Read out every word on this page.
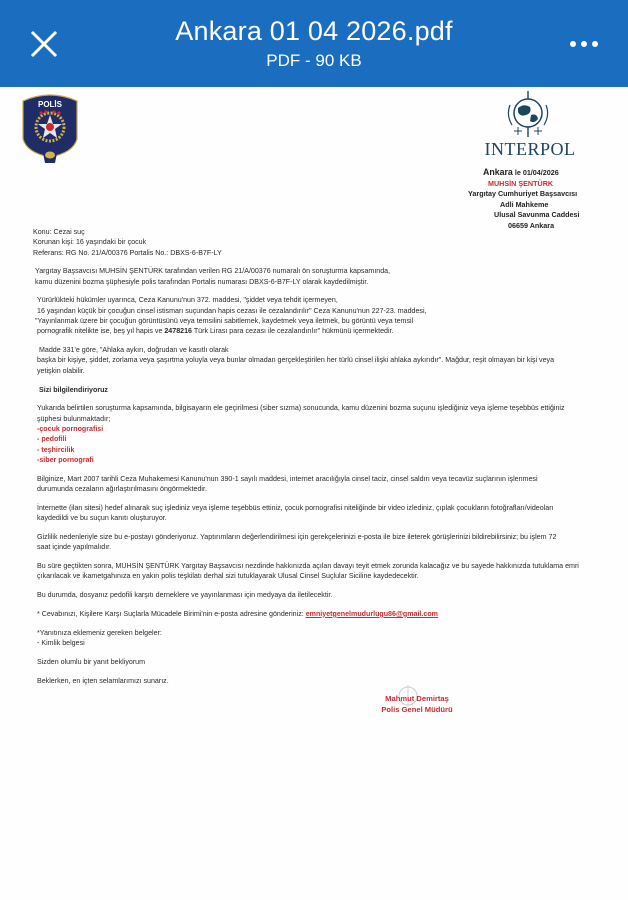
Ankara 01 04 2026.pdf
PDF - 90 KB
POLİS
INTERPOL
Ankara le 01/04/2026
MUHSİN ŞENTÜRK
Yargıtay Cumhuriyet Başsavcısı
Adli Mahkeme
Ulusal Savunma Caddesi
06659 Ankara

Konu: Cezai suç

Korunan kişi: 16 yaşındaki bir çocuk

Referans: RG No. 21/A/00376 Portalis No.: DBXS-6-B7F-LY

Yargıtay Başsavcısı MUHSİN ŞENTÜRK tarafından verilen RG 21/A/00376 numaralı ön soruşturma kapsamında,

kamu düzenini bozma şüphesiyle polis tarafından Portalis numarası DBXS-6-B7F-LY olarak kaydedilmiştir.

Yürürlükteki hükümler uyarınca, Ceza Kanunu'nun 372. maddesi, "şiddet veya tehdit içermeyen,

16 yaşından küçük bir çocuğun cinsel istismarı suçundan hapis cezası ile cezalandırılır" Ceza Kanunu'nun 227-23. maddesi,

"Yayınlanmak üzere bir çocuğun görüntüsünü veya temsilini sabitlemek, kaydetmek veya iletmek, bu görüntü veya temsil

pornografik nitelikte ise, beş yıl hapis ve 2478216 Türk Lirası para cezası ile cezalandırılır" hükmünü içermektedir.

Madde 331'e göre, "Ahlaka aykırı, doğrudan ve kasıtlı olarak

başka bir kişiye, şiddet, zorlama veya şaşırtma yoluyla veya bunlar olmadan gerçekleştirilen her türlü cinsel ilişki ahlaka aykırıdır". Mağdur, reşit olmayan bir kişi veya

yetişkin olabilir.

Sizi bilgilendiriyoruz

Yukarıda belirtilen soruşturma kapsamında, bilgisayarın ele geçirilmesi (siber sızma) sonucunda, kamu düzenini bozma suçunu işlediğiniz veya işleme teşebbüs ettiğiniz

şüphesi bulunmaktadır;

-çocuk pornografisi

- pedofili

- teşhircilik

-siber pornografi

Bilginize, Mart 2007 tarihli Ceza Muhakemesi Kanunu'nun 390-1 sayılı maddesi, internet aracılığıyla cinsel taciz, cinsel saldırı veya tecavüz suçlarının işlenmesi

durumunda cezaların ağırlaştırılmasını öngörmektedir.

İnternette (ilan sitesi) hedef alınarak suç işlediniz veya işleme teşebbüs ettiniz, çocuk pornografisi niteliğinde bir video izlediniz, çıplak çocukların fotoğrafları/videoları

kaydedildi ve bu suçun kanıtı oluşturuyor.

Gizlilik nedenleriyle size bu e-postayı gönderiyoruz. Yaptırımların değerlendirilmesi için gerekçelerinizi e-posta ile bize ileterek görüşlerinizi bildirebilirsiniz; bu işlem 72

saat içinde yapılmalıdır.

Bu süre geçtikten sonra, MUHSİN ŞENTÜRK Yargıtay Başsavcısı nezdinde hakkınızda açılan davayı teyit etmek zorunda kalacağız ve bu sayede hakkınızda tutuklama emri

çıkarılacak ve ikametgahınıza en yakın polis teşkilatı derhal sizi tutuklayarak Ulusal Cinsel Suçlular Siciline kaydedecektir.

Bu durumda, dosyanız pedofili karşıtı derneklere ve yayınlanması için medyaya da iletilecektir.

* Cevabınızı, Kişilere Karşı Suçlarla Mücadele Birimi'nin e-posta adresine gönderiniz: emniyetgenelmudurlugu86@gmail.com

*Yanıtınıza eklemeniz gereken belgeler:

- Kimlik belgesi

Sizden olumlu bir yanıt bekliyorum

Beklerken, en içten selamlarımızı sunarız.

Mahmut Demirtaş
Polis Genel Müdürü
